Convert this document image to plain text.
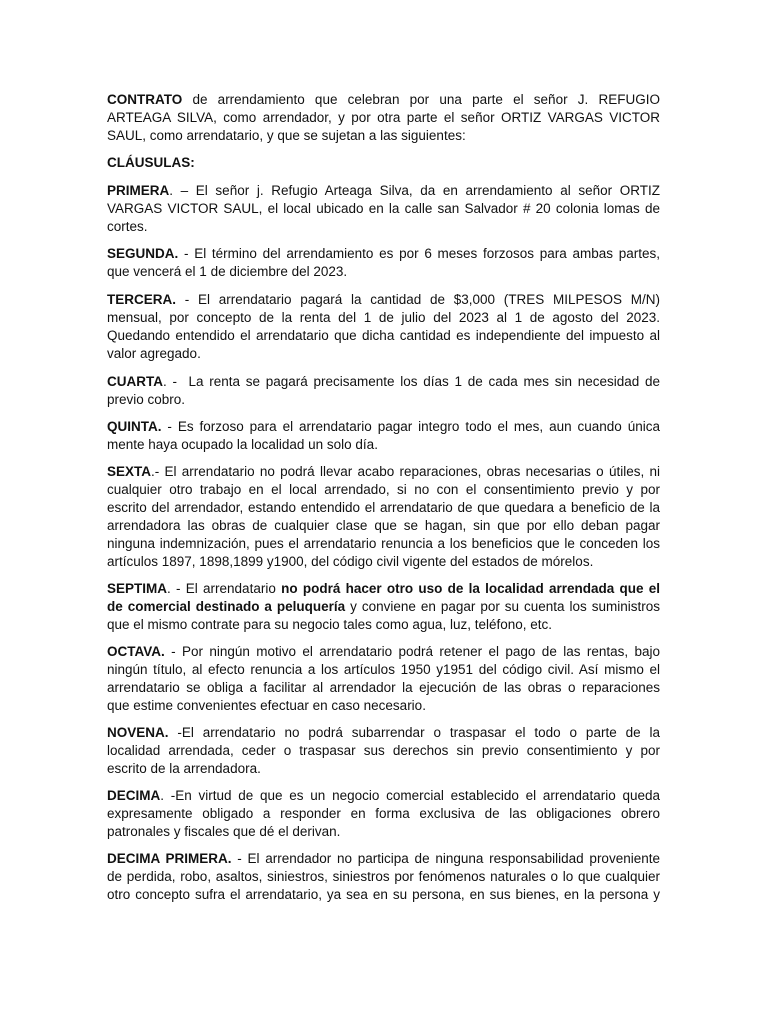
CONTRATO de arrendamiento que celebran por una parte el señor J. REFUGIO
ARTEAGA SILVA, como arrendador, y por otra parte el señor ORTIZ VARGAS VICTOR
SAUL, como arrendatario, y que se sujetan a las siguientes:
CLÁUSULAS:
PRIMERA. – El señor j. Refugio Arteaga Silva, da en arrendamiento al señor ORTIZ
VARGAS VICTOR SAUL, el local ubicado en la calle san Salvador # 20 colonia lomas de
cortes.
SEGUNDA. - El término del arrendamiento es por 6 meses forzosos para ambas partes,
que vencerá el 1 de diciembre del 2023.
TERCERA. - El arrendatario pagará la cantidad de $3,000 (TRES MILPESOS M/N)
mensual, por concepto de la renta del 1 de julio del 2023 al 1 de agosto del 2023.
Quedando entendido el arrendatario que dicha cantidad es independiente del impuesto al
valor agregado.
CUARTA. -  La renta se pagará precisamente los días 1 de cada mes sin necesidad de
previo cobro.
QUINTA. - Es forzoso para el arrendatario pagar integro todo el mes, aun cuando única
mente haya ocupado la localidad un solo día.
SEXTA.- El arrendatario no podrá llevar acabo reparaciones, obras necesarias o útiles, ni
cualquier otro trabajo en el local arrendado, si no con el consentimiento previo y por
escrito del arrendador, estando entendido el arrendatario de que quedara a beneficio de la
arrendadora las obras de cualquier clase que se hagan, sin que por ello deban pagar
ninguna indemnización, pues el arrendatario renuncia a los beneficios que le conceden los
artículos 1897, 1898,1899 y1900, del código civil vigente del estados de mórelos.
SEPTIMA. - El arrendatario no podrá hacer otro uso de la localidad arrendada que el
de comercial destinado a peluquería y conviene en pagar por su cuenta los suministros
que el mismo contrate para su negocio tales como agua, luz, teléfono, etc.
OCTAVA. - Por ningún motivo el arrendatario podrá retener el pago de las rentas, bajo
ningún título, al efecto renuncia a los artículos 1950 y1951 del código civil. Así mismo el
arrendatario se obliga a facilitar al arrendador la ejecución de las obras o reparaciones
que estime convenientes efectuar en caso necesario.
NOVENA. -El arrendatario no podrá subarrendar o traspasar el todo o parte de la
localidad arrendada, ceder o traspasar sus derechos sin previo consentimiento y por
escrito de la arrendadora.
DECIMA. -En virtud de que es un negocio comercial establecido el arrendatario queda
expresamente obligado a responder en forma exclusiva de las obligaciones obrero
patronales y fiscales que dé el derivan.
DECIMA PRIMERA. - El arrendador no participa de ninguna responsabilidad proveniente
de perdida, robo, asaltos, siniestros, siniestros por fenómenos naturales o lo que cualquier
otro concepto sufra el arrendatario, ya sea en su persona, en sus bienes, en la persona y
